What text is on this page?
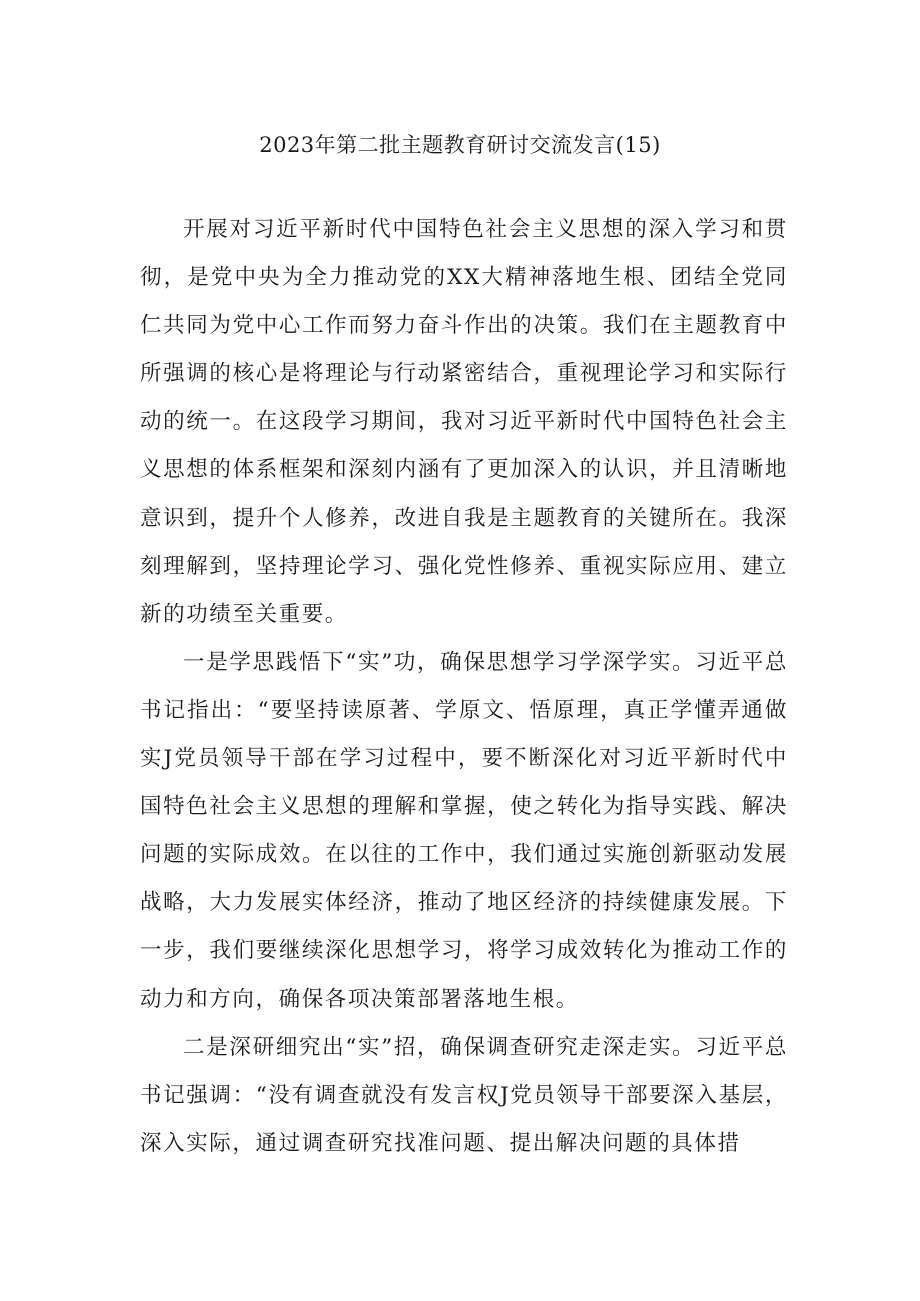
2023年第二批主题教育研讨交流发言(15)

开展对习近平新时代中国特色社会主义思想的深入学习和贯彻，是党中央为全力推动党的XX大精神落地生根、团结全党同仁共同为党中心工作而努力奋斗作出的决策。我们在主题教育中所强调的核心是将理论与行动紧密结合，重视理论学习和实际行动的统一。在这段学习期间，我对习近平新时代中国特色社会主义思想的体系框架和深刻内涵有了更加深入的认识，并且清晰地意识到，提升个人修养，改进自我是主题教育的关键所在。我深刻理解到，坚持理论学习、强化党性修养、重视实际应用、建立新的功绩至关重要。

一是学思践悟下“实”功，确保思想学习学深学实。习近平总书记指出：“要坚持读原著、学原文、悟原理，真正学懂弄通做实J党员领导干部在学习过程中，要不断深化对习近平新时代中国特色社会主义思想的理解和掌握，使之转化为指导实践、解决问题的实际成效。在以往的工作中，我们通过实施创新驱动发展战略，大力发展实体经济，推动了地区经济的持续健康发展。下一步，我们要继续深化思想学习，将学习成效转化为推动工作的动力和方向，确保各项决策部署落地生根。

二是深研细究出“实”招，确保调查研究走深走实。习近平总书记强调：“没有调查就没有发言权J党员领导干部要深入基层，深入实际，通过调查研究找准问题、提出解决问题的具体措
